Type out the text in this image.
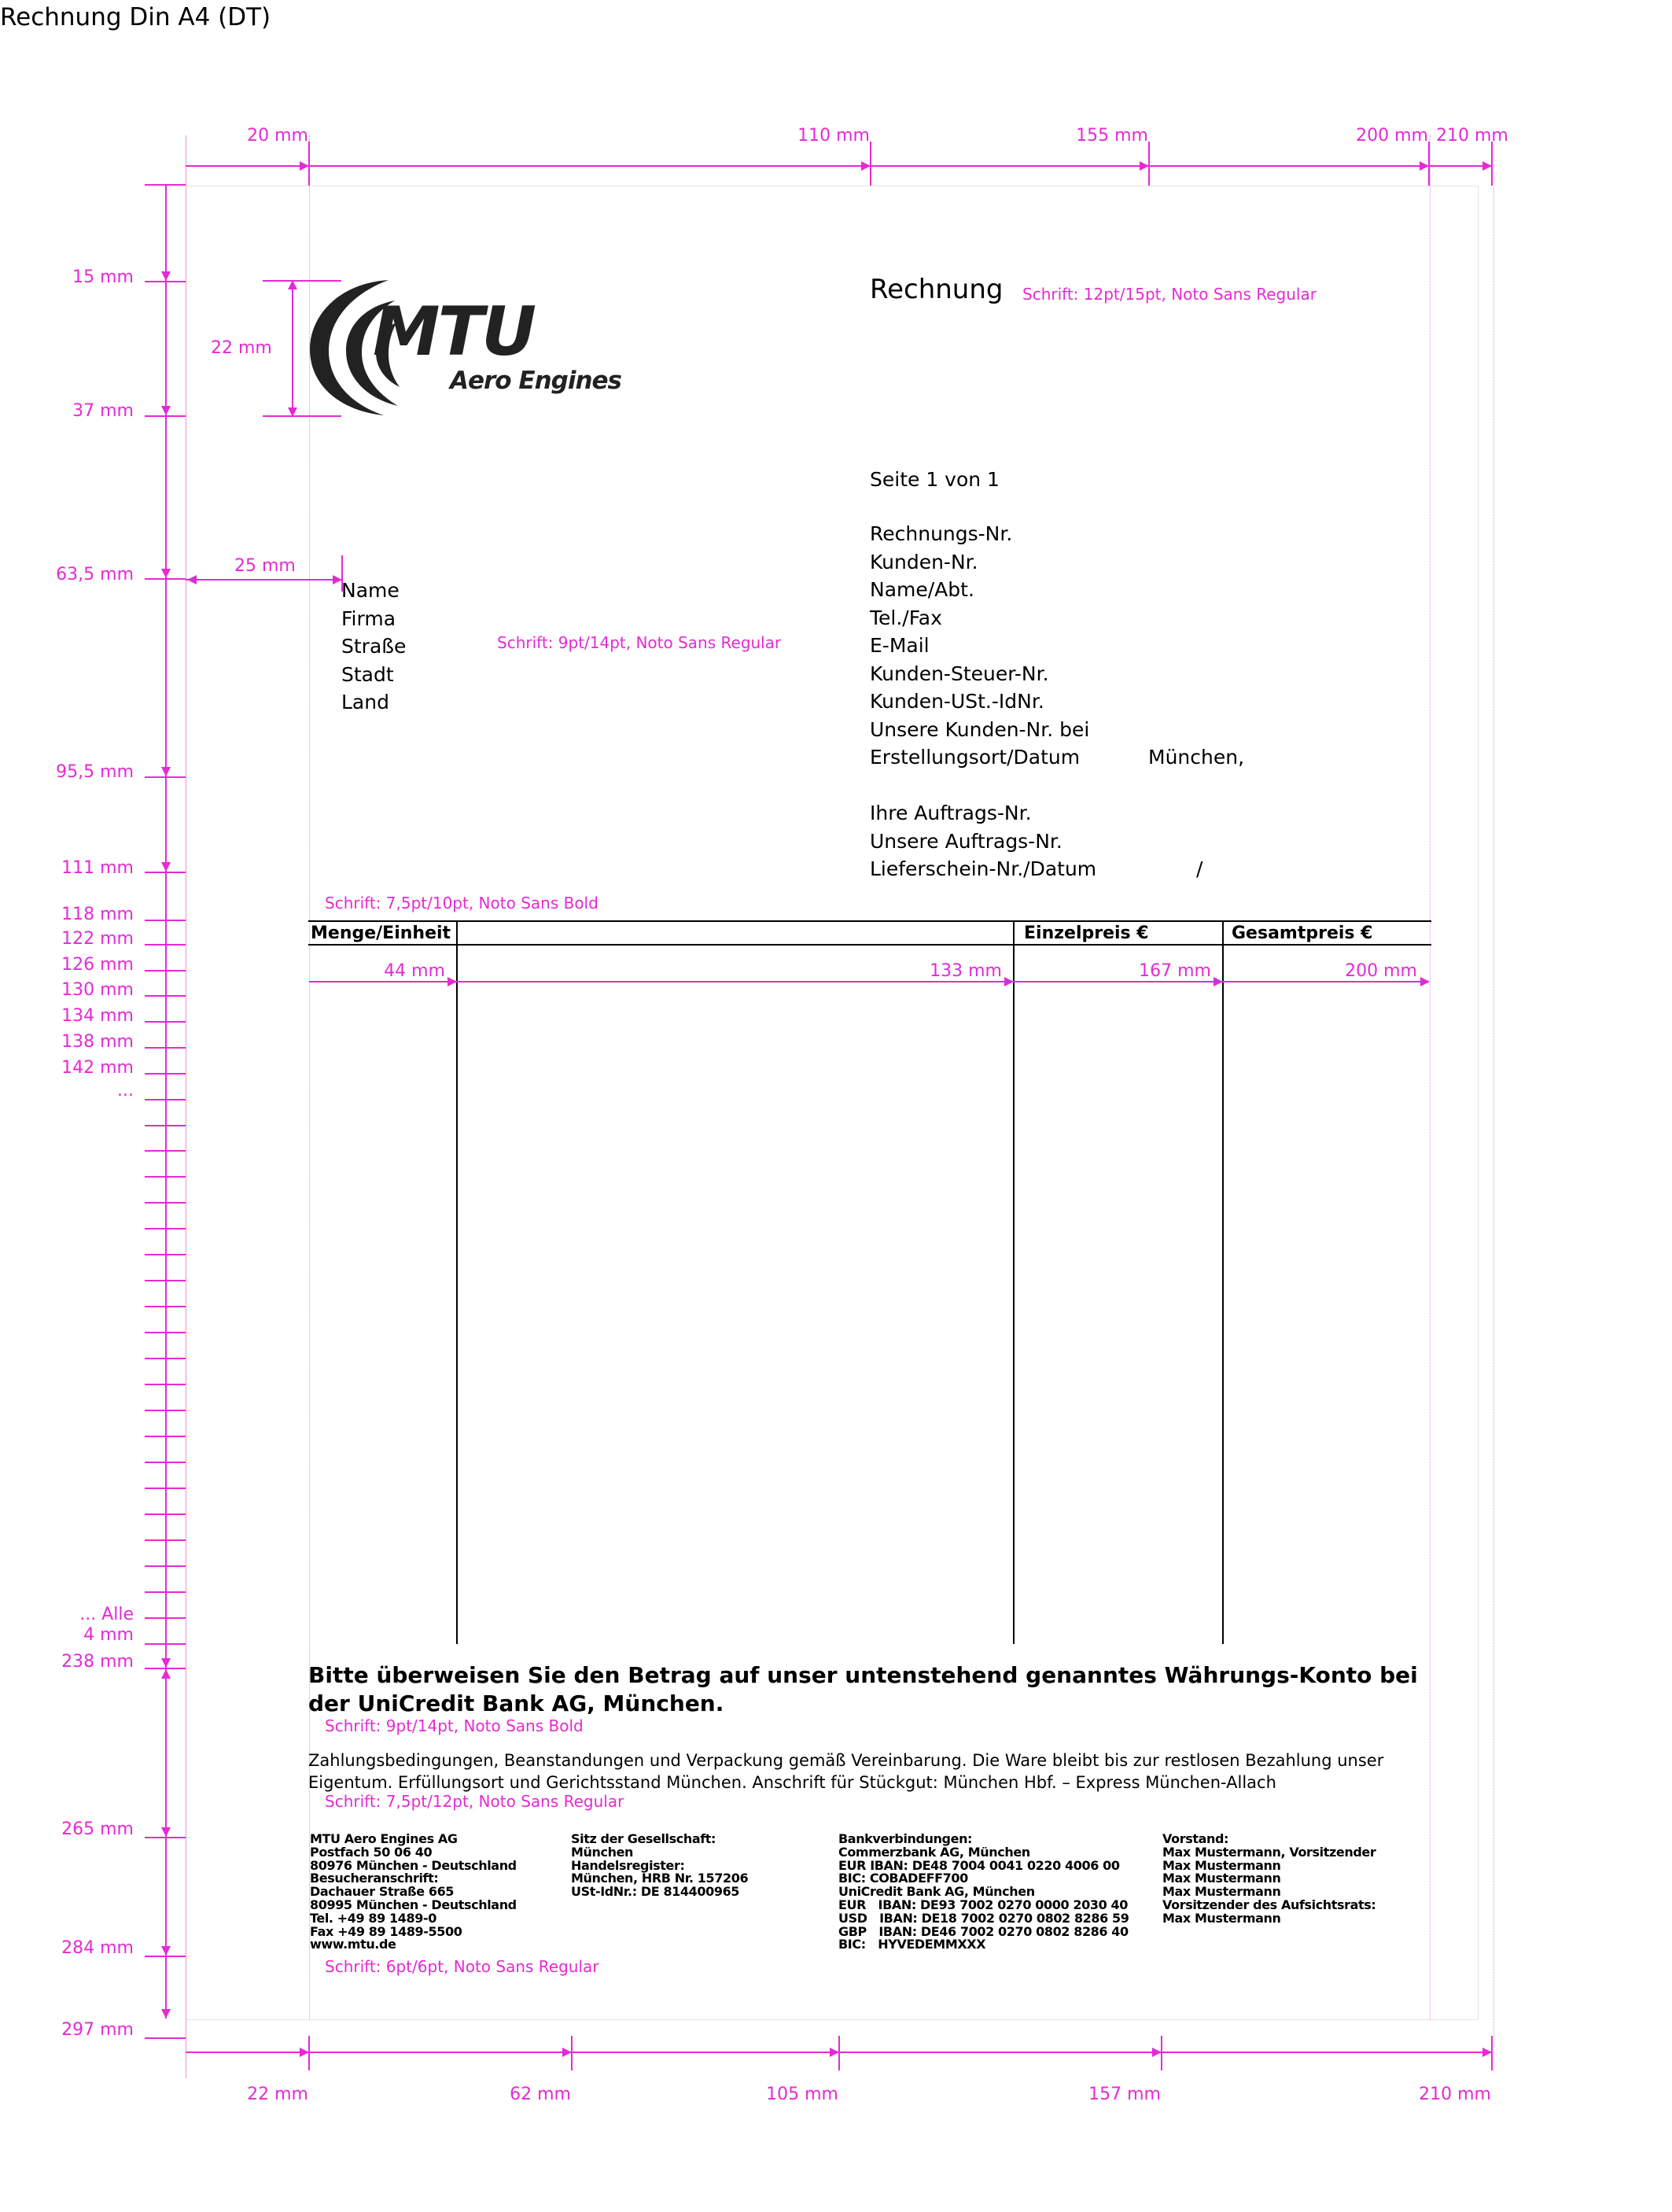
Rechnung Din A4 (DT)
20 mm	110 mm	155 mm	200 mm 210 mm
15 mm
37 mm
63,5 mm
95,5 mm
111 mm
118 mm
122 mm
126 mm
130 mm
134 mm
138 mm
142 mm
...
... Alle
4 mm
238 mm
265 mm
284 mm
297 mm
22 mm
25 mm
MTU
Aero Engines
Rechnung Schrift: 12pt/15pt, Noto Sans Regular
Seite 1 von 1
Name
Firma
Straße
Stadt
Land
Schrift: 9pt/14pt, Noto Sans Regular
Rechnungs-Nr.
Kunden-Nr.
Name/Abt.
Tel./Fax
E-Mail
Kunden-Steuer-Nr.
Kunden-USt.-IdNr.
Unsere Kunden-Nr. bei
Erstellungsort/Datum	München,
Ihre Auftrags-Nr.
Unsere Auftrags-Nr.
Lieferschein-Nr./Datum	/
Schrift: 7,5pt/10pt, Noto Sans Bold
Menge/Einheit	Einzelpreis €	Gesamtpreis €
44 mm	133 mm	167 mm	200 mm
Bitte überweisen Sie den Betrag auf unser untenstehend genanntes Währungs-Konto bei der UniCredit Bank AG, München.
Schrift: 9pt/14pt, Noto Sans Bold
Zahlungsbedingungen, Beanstandungen und Verpackung gemäß Vereinbarung. Die Ware bleibt bis zur restlosen Bezahlung unser Eigentum. Erfüllungsort und Gerichtsstand München. Anschrift für Stückgut: München Hbf. – Express München-Allach
Schrift: 7,5pt/12pt, Noto Sans Regular
MTU Aero Engines AG
Postfach 50 06 40
80976 München - Deutschland
Besucheranschrift:
Dachauer Straße 665
80995 München - Deutschland
Tel. +49 89 1489-0
Fax +49 89 1489-5500
www.mtu.de
Sitz der Gesellschaft:
München
Handelsregister:
München, HRB Nr. 157206
USt-IdNr.: DE 814400965
Bankverbindungen:
Commerzbank AG, München
EUR IBAN: DE48 7004 0041 0220 4006 00
BIC: COBADEFF700
UniCredit Bank AG, München
EUR   IBAN: DE93 7002 0270 0000 2030 40
USD   IBAN: DE18 7002 0270 0802 8286 59
GBP   IBAN: DE46 7002 0270 0802 8286 40
BIC:   HYVEDEMMXXX
Vorstand:
Max Mustermann, Vorsitzender
Max Mustermann
Max Mustermann
Max Mustermann
Vorsitzender des Aufsichtsrats:
Max Mustermann
Schrift: 6pt/6pt, Noto Sans Regular
22 mm	62 mm	105 mm	157 mm	210 mm
